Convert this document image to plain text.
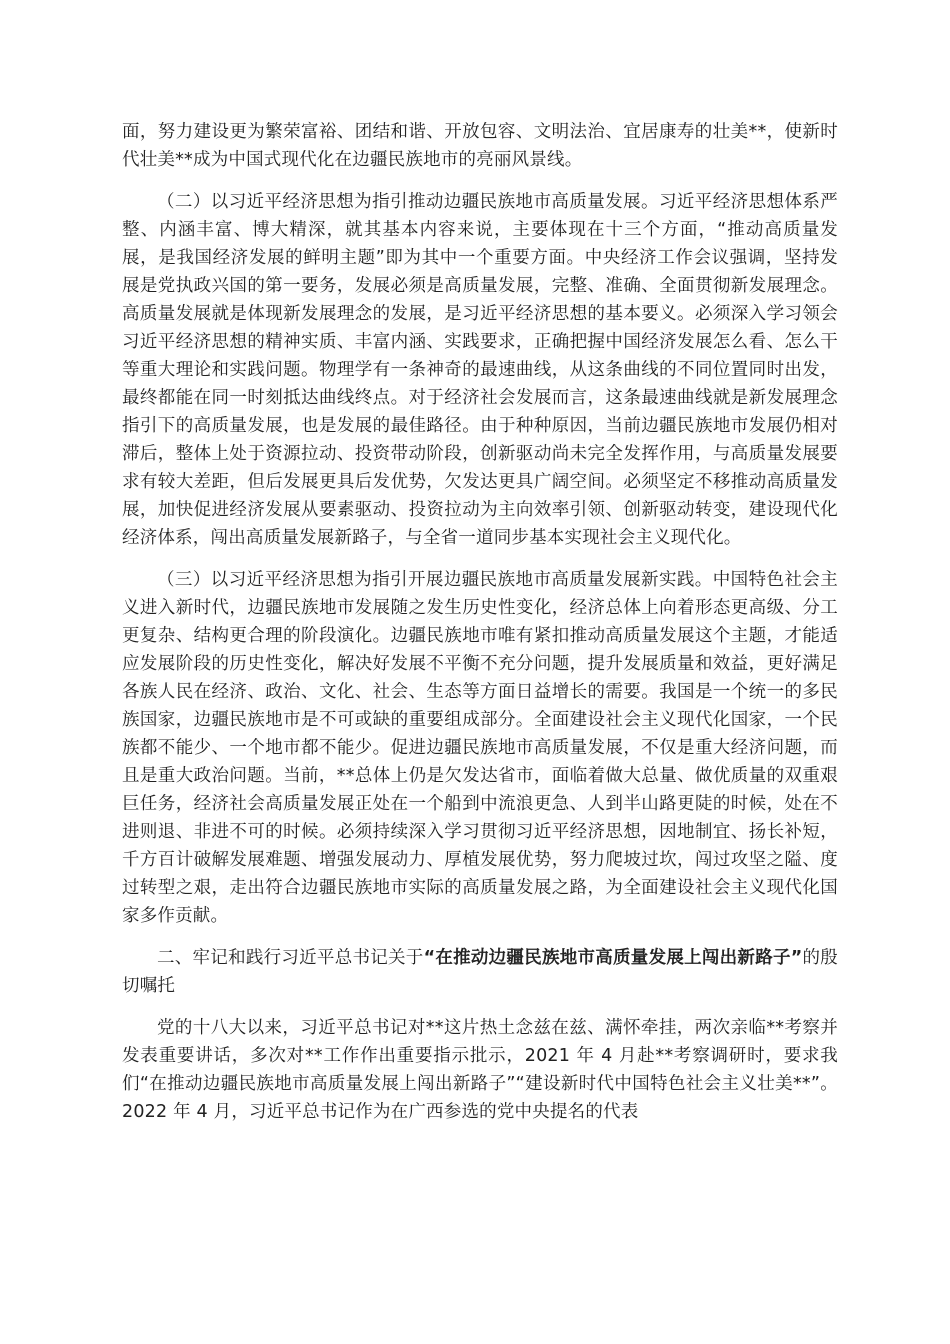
面，努力建设更为繁荣富裕、团结和谐、开放包容、文明法治、宜居康寿的壮美**，使新时代壮美**成为中国式现代化在边疆民族地市的亮丽风景线。

（二）以习近平经济思想为指引推动边疆民族地市高质量发展。习近平经济思想体系严整、内涵丰富、博大精深，就其基本内容来说，主要体现在十三个方面，“推动高质量发展，是我国经济发展的鲜明主题”即为其中一个重要方面。中央经济工作会议强调，坚持发展是党执政兴国的第一要务，发展必须是高质量发展，完整、准确、全面贯彻新发展理念。高质量发展就是体现新发展理念的发展，是习近平经济思想的基本要义。必须深入学习领会习近平经济思想的精神实质、丰富内涵、实践要求，正确把握中国经济发展怎么看、怎么干等重大理论和实践问题。物理学有一条神奇的最速曲线，从这条曲线的不同位置同时出发，最终都能在同一时刻抵达曲线终点。对于经济社会发展而言，这条最速曲线就是新发展理念指引下的高质量发展，也是发展的最佳路径。由于种种原因，当前边疆民族地市发展仍相对滞后，整体上处于资源拉动、投资带动阶段，创新驱动尚未完全发挥作用，与高质量发展要求有较大差距，但后发展更具后发优势，欠发达更具广阔空间。必须坚定不移推动高质量发展，加快促进经济发展从要素驱动、投资拉动为主向效率引领、创新驱动转变，建设现代化经济体系，闯出高质量发展新路子，与全省一道同步基本实现社会主义现代化。

（三）以习近平经济思想为指引开展边疆民族地市高质量发展新实践。中国特色社会主义进入新时代，边疆民族地市发展随之发生历史性变化，经济总体上向着形态更高级、分工更复杂、结构更合理的阶段演化。边疆民族地市唯有紧扣推动高质量发展这个主题，才能适应发展阶段的历史性变化，解决好发展不平衡不充分问题，提升发展质量和效益，更好满足各族人民在经济、政治、文化、社会、生态等方面日益增长的需要。我国是一个统一的多民族国家，边疆民族地市是不可或缺的重要组成部分。全面建设社会主义现代化国家，一个民族都不能少、一个地市都不能少。促进边疆民族地市高质量发展，不仅是重大经济问题，而且是重大政治问题。当前，**总体上仍是欠发达省市，面临着做大总量、做优质量的双重艰巨任务，经济社会高质量发展正处在一个船到中流浪更急、人到半山路更陡的时候，处在不进则退、非进不可的时候。必须持续深入学习贯彻习近平经济思想，因地制宜、扬长补短，千方百计破解发展难题、增强发展动力、厚植发展优势，努力爬坡过坎，闯过攻坚之隘、度过转型之艰，走出符合边疆民族地市实际的高质量发展之路，为全面建设社会主义现代化国家多作贡献。

二、牢记和践行习近平总书记关于“在推动边疆民族地市高质量发展上闯出新路子”的殷切嘱托

党的十八大以来，习近平总书记对**这片热土念兹在兹、满怀牵挂，两次亲临**考察并发表重要讲话，多次对**工作作出重要指示批示，2021 年 4 月赴**考察调研时，要求我们“在推动边疆民族地市高质量发展上闯出新路子”“建设新时代中国特色社会主义壮美**”。2022 年 4 月，习近平总书记作为在广西参选的党中央提名的代表
